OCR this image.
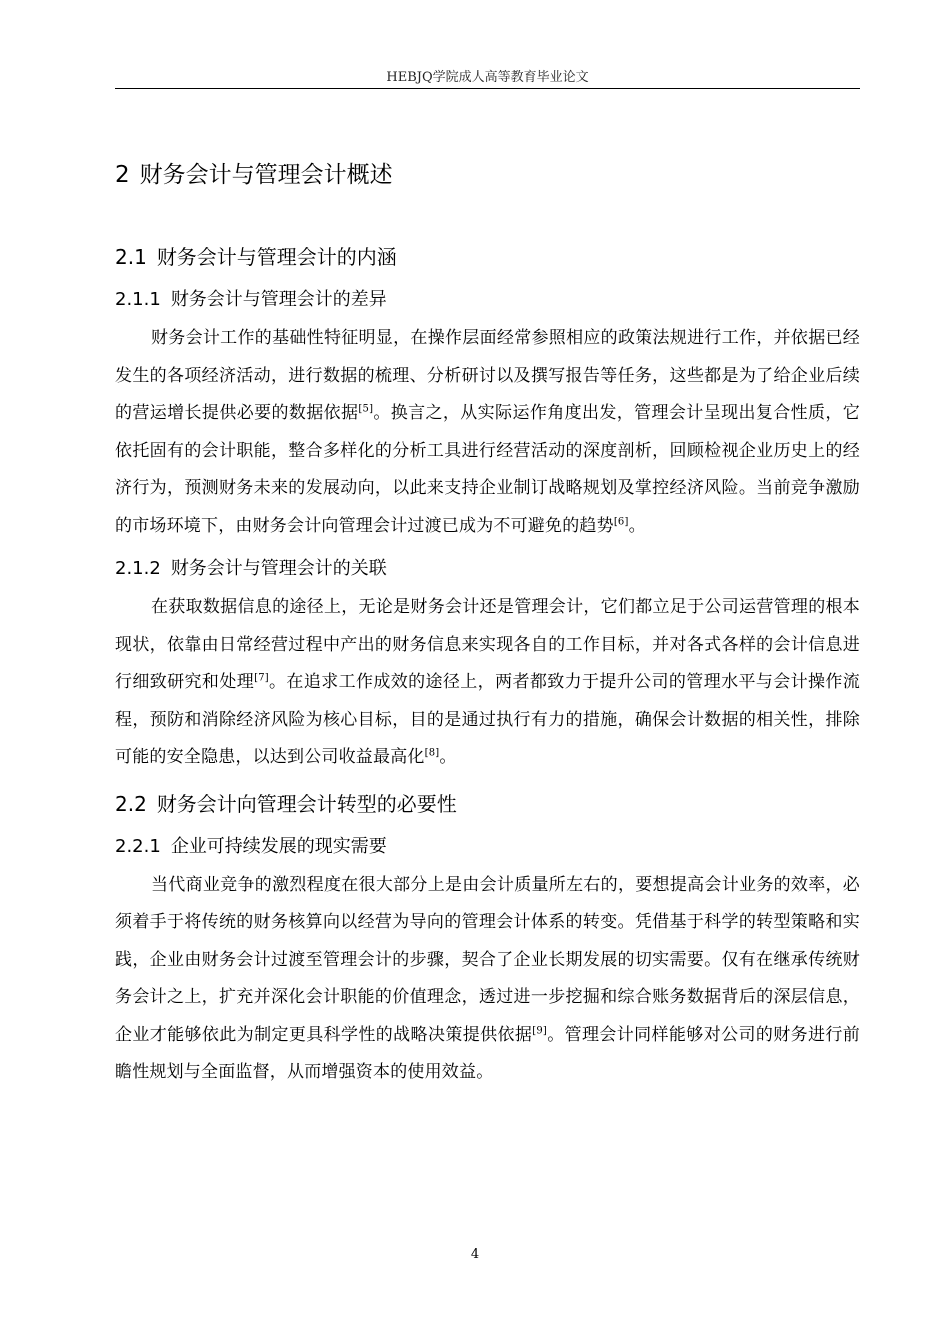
HEBJQ学院成人高等教育毕业论文
2 财务会计与管理会计概述
2.1 财务会计与管理会计的内涵
2.1.1 财务会计与管理会计的差异

财务会计工作的基础性特征明显，在操作层面经常参照相应的政策法规进行工作，并依据已经发生的各项经济活动，进行数据的梳理、分析研讨以及撰写报告等任务，这些都是为了给企业后续的营运增长提供必要的数据依据[5]。换言之，从实际运作角度出发，管理会计呈现出复合性质，它依托固有的会计职能，整合多样化的分析工具进行经营活动的深度剖析，回顾检视企业历史上的经济行为，预测财务未来的发展动向，以此来支持企业制订战略规划及掌控经济风险。当前竞争激励的市场环境下，由财务会计向管理会计过渡已成为不可避免的趋势[6]。

2.1.2 财务会计与管理会计的关联

在获取数据信息的途径上，无论是财务会计还是管理会计，它们都立足于公司运营管理的根本现状，依靠由日常经营过程中产出的财务信息来实现各自的工作目标，并对各式各样的会计信息进行细致研究和处理[7]。在追求工作成效的途径上，两者都致力于提升公司的管理水平与会计操作流程，预防和消除经济风险为核心目标，目的是通过执行有力的措施，确保会计数据的相关性，排除可能的安全隐患，以达到公司收益最高化[8]。

2.2 财务会计向管理会计转型的必要性
2.2.1 企业可持续发展的现实需要

当代商业竞争的激烈程度在很大部分上是由会计质量所左右的，要想提高会计业务的效率，必须着手于将传统的财务核算向以经营为导向的管理会计体系的转变。凭借基于科学的转型策略和实践，企业由财务会计过渡至管理会计的步骤，契合了企业长期发展的切实需要。仅有在继承传统财务会计之上，扩充并深化会计职能的价值理念，透过进一步挖掘和综合账务数据背后的深层信息，企业才能够依此为制定更具科学性的战略决策提供依据[9]。管理会计同样能够对公司的财务进行前瞻性规划与全面监督，从而增强资本的使用效益。

4
